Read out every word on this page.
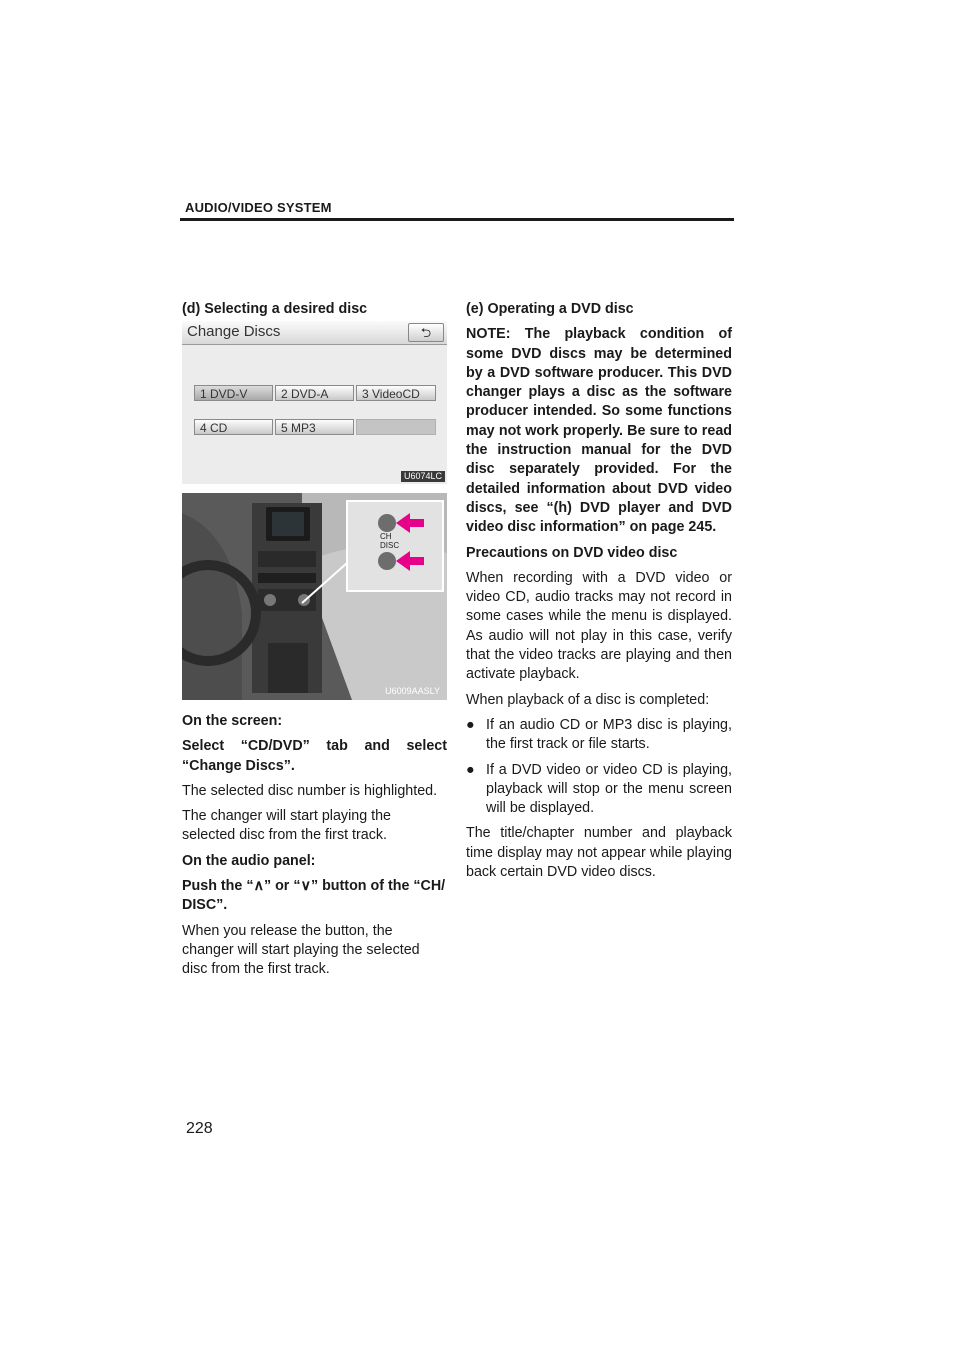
AUDIO/VIDEO SYSTEM

(d) Selecting a desired disc

Change Discs	⮌
1 DVD-V	2 DVD-A	3 VideoCD
4 CD	5 MP3
U6074LC
CH
DISC
U6009AASLY

On the screen:

Select “CD/DVD” tab and select “Change Discs”.

The selected disc number is highlighted.

The changer will start playing the selected disc from the first track.

On the audio panel:

Push the “∧” or “∨” button of the “CH/ DISC”.

When you release the button, the changer will start playing the selected disc from the first track.

(e) Operating a DVD disc

NOTE: The playback condition of some DVD discs may be determined by a DVD software producer. This DVD changer plays a disc as the software producer intended. So some functions may not work properly. Be sure to read the instruction manual for the DVD disc separately provided. For the detailed information about DVD video discs, see “(h) DVD player and DVD video disc information” on page 245.

Precautions on DVD video disc

When recording with a DVD video or video CD, audio tracks may not record in some cases while the menu is displayed. As audio will not play in this case, verify that the video tracks are playing and then activate playback.

When playback of a disc is completed:

● If an audio CD or MP3 disc is playing, the first track or file starts.
● If a DVD video or video CD is playing, playback will stop or the menu screen will be displayed.

The title/chapter number and playback time display may not appear while playing back certain DVD video discs.

228
